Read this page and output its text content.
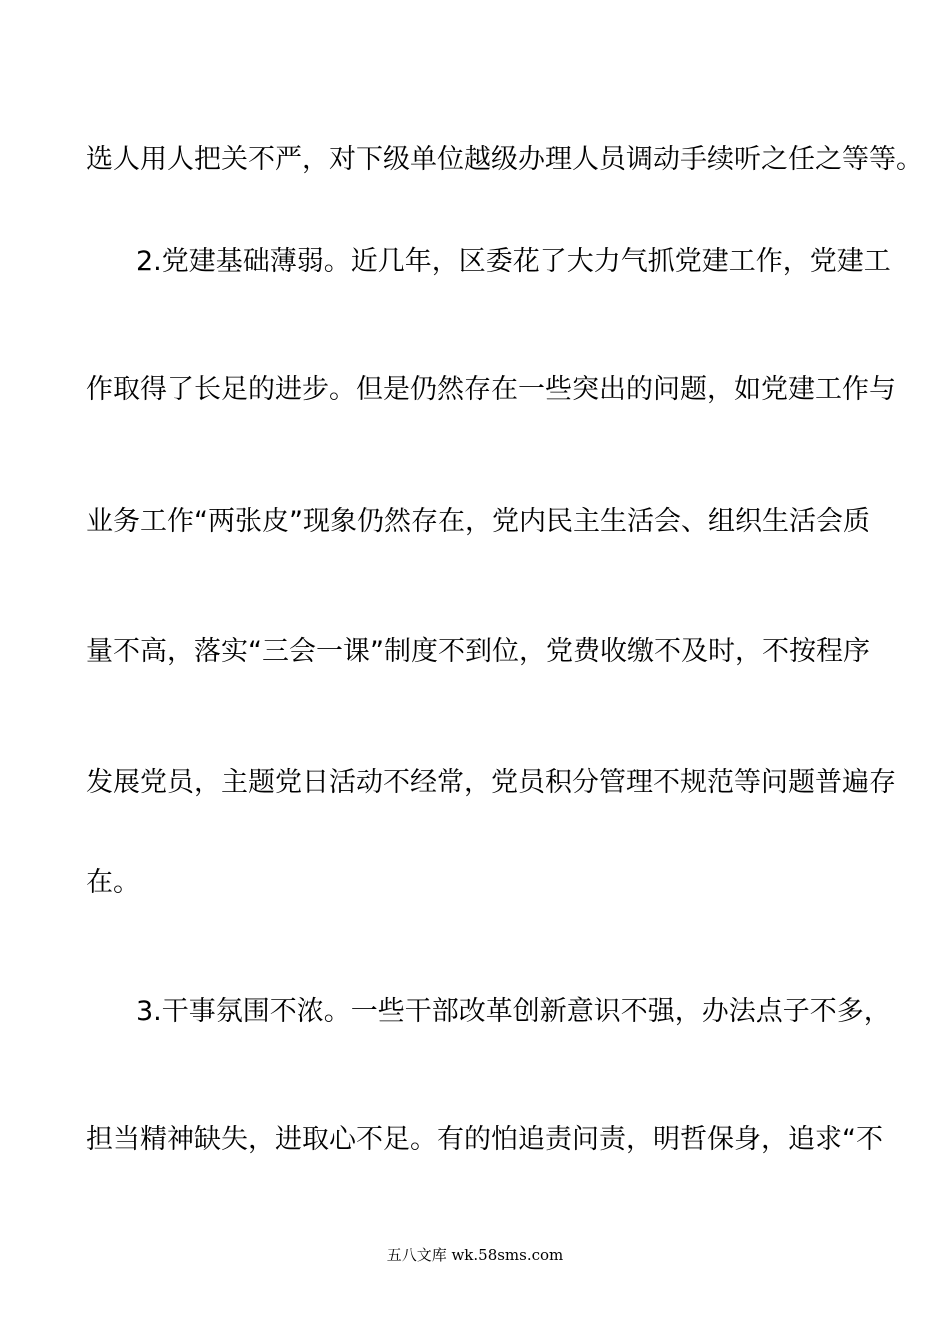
选人用人把关不严，对下级单位越级办理人员调动手续听之任之等等。
2.党建基础薄弱。近几年，区委花了大力气抓党建工作，党建工
作取得了长足的进步。但是仍然存在一些突出的问题，如党建工作与
业务工作“两张皮”现象仍然存在，党内民主生活会、组织生活会质
量不高，落实“三会一课”制度不到位，党费收缴不及时，不按程序
发展党员，主题党日活动不经常，党员积分管理不规范等问题普遍存
在。
3.干事氛围不浓。一些干部改革创新意识不强，办法点子不多，
担当精神缺失，进取心不足。有的怕追责问责，明哲保身，追求“不
五八文库 wk.58sms.com
